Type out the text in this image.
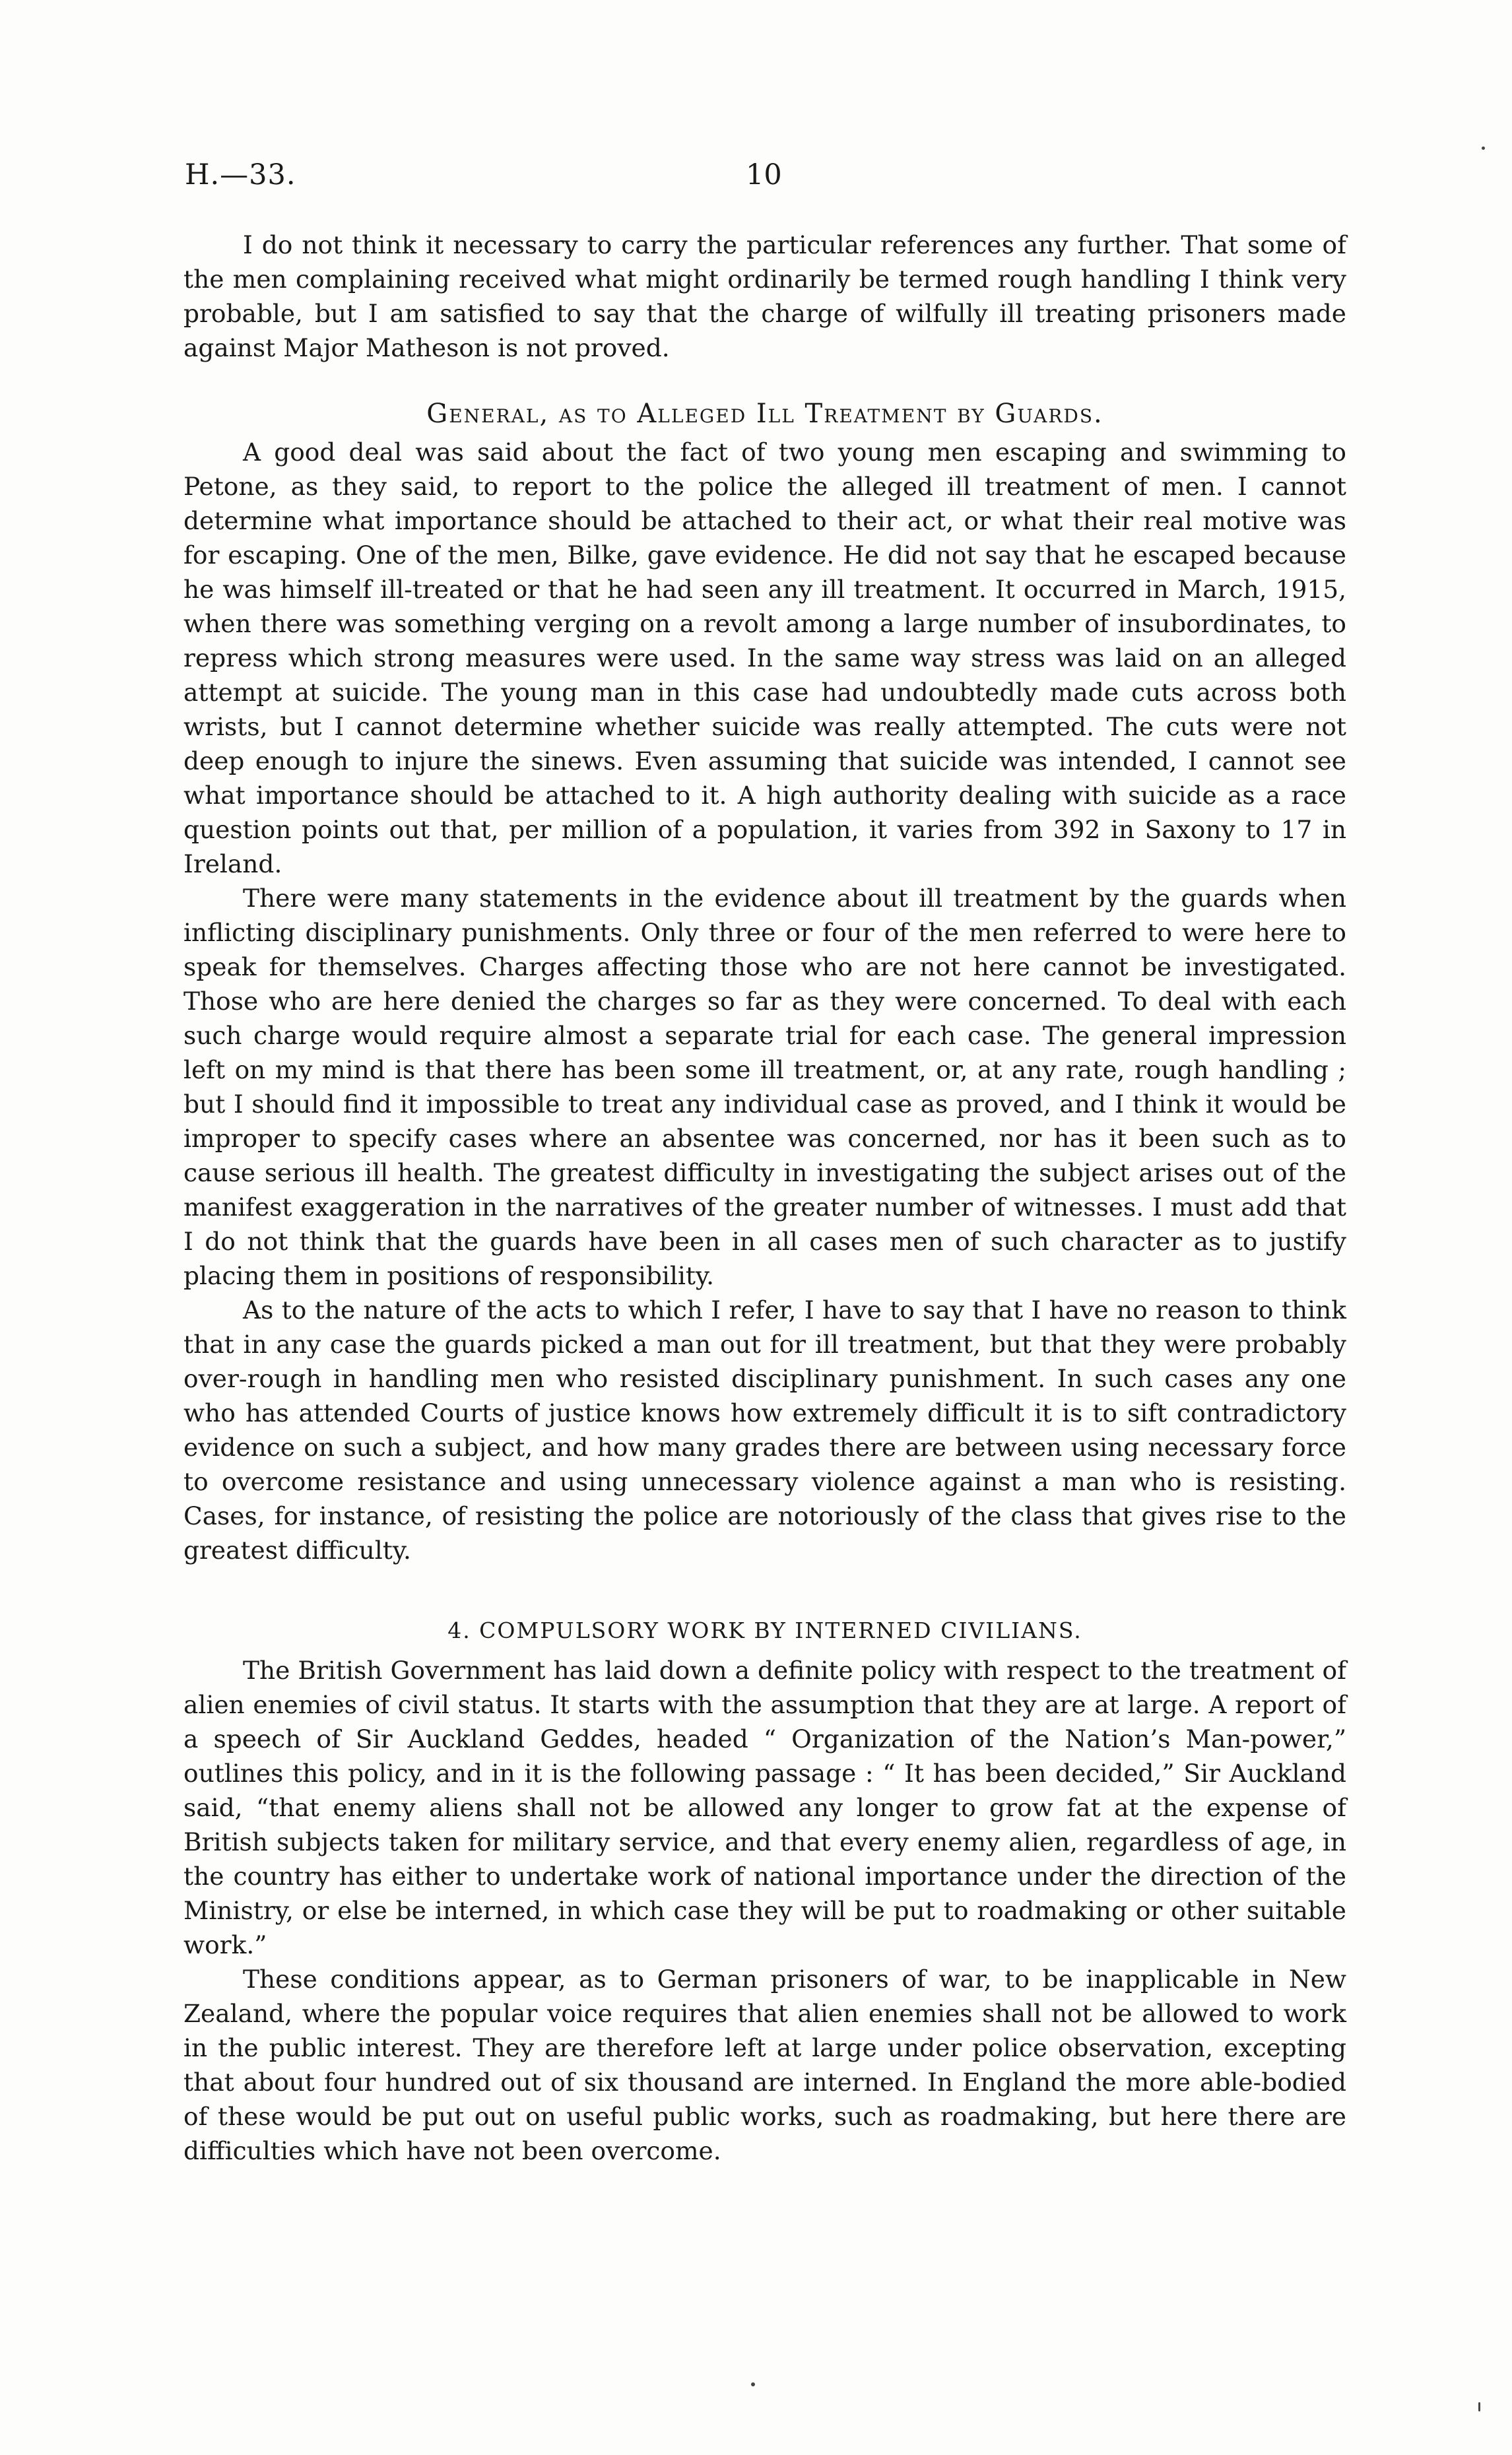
H.—33.	10

I do not think it necessary to carry the particular references any further. That some of the men complaining received what might ordinarily be termed rough handling I think very probable, but I am satisfied to say that the charge of wilfully ill treating prisoners made against Major Matheson is not proved.

General, as to Alleged Ill Treatment by Guards.

A good deal was said about the fact of two young men escaping and swimming to Petone, as they said, to report to the police the alleged ill treatment of men. I cannot determine what importance should be attached to their act, or what their real motive was for escaping. One of the men, Bilke, gave evidence. He did not say that he escaped because he was himself ill-treated or that he had seen any ill treatment. It occurred in March, 1915, when there was something verging on a revolt among a large number of insubordinates, to repress which strong measures were used. In the same way stress was laid on an alleged attempt at suicide. The young man in this case had undoubtedly made cuts across both wrists, but I cannot determine whether suicide was really attempted. The cuts were not deep enough to injure the sinews. Even assuming that suicide was intended, I cannot see what importance should be attached to it. A high authority dealing with suicide as a race question points out that, per million of a population, it varies from 392 in Saxony to 17 in Ireland.

There were many statements in the evidence about ill treatment by the guards when inflicting disciplinary punishments. Only three or four of the men referred to were here to speak for themselves. Charges affecting those who are not here cannot be investigated. Those who are here denied the charges so far as they were concerned. To deal with each such charge would require almost a separate trial for each case. The general impression left on my mind is that there has been some ill treatment, or, at any rate, rough handling ; but I should find it impossible to treat any individual case as proved, and I think it would be improper to specify cases where an absentee was concerned, nor has it been such as to cause serious ill health. The greatest difficulty in investigating the subject arises out of the manifest exaggeration in the narratives of the greater number of witnesses. I must add that I do not think that the guards have been in all cases men of such character as to justify placing them in positions of responsibility.

As to the nature of the acts to which I refer, I have to say that I have no reason to think that in any case the guards picked a man out for ill treatment, but that they were probably over-rough in handling men who resisted disciplinary punishment. In such cases any one who has attended Courts of justice knows how extremely difficult it is to sift contradictory evidence on such a subject, and how many grades there are between using necessary force to overcome resistance and using unnecessary violence against a man who is resisting. Cases, for instance, of resisting the police are notoriously of the class that gives rise to the greatest difficulty.

4. COMPULSORY WORK BY INTERNED CIVILIANS.

The British Government has laid down a definite policy with respect to the treatment of alien enemies of civil status. It starts with the assumption that they are at large. A report of a speech of Sir Auckland Geddes, headed “ Organization of the Nation’s Man-power,” outlines this policy, and in it is the following passage : “ It has been decided,” Sir Auckland said, “that enemy aliens shall not be allowed any longer to grow fat at the expense of British subjects taken for military service, and that every enemy alien, regardless of age, in the country has either to undertake work of national importance under the direction of the Ministry, or else be interned, in which case they will be put to roadmaking or other suitable work.”

These conditions appear, as to German prisoners of war, to be inapplicable in New Zealand, where the popular voice requires that alien enemies shall not be allowed to work in the public interest. They are therefore left at large under police observation, excepting that about four hundred out of six thousand are interned. In England the more able-bodied of these would be put out on useful public works, such as roadmaking, but here there are difficulties which have not been overcome.
